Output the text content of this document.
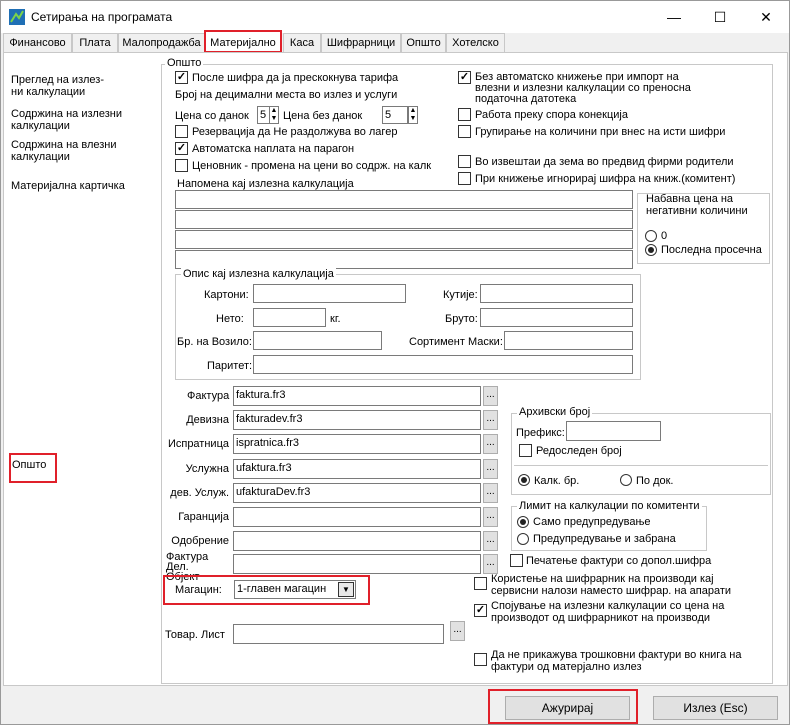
Сетирања на програмата	—	☐	✕
Финансово	Плата	Малопродажба Материјално	Каса	Шифрарници	Општо	Хотелско
Преглед на излез-
ни калкулации
Содржина на излезни калкулации
Содржина на влезни калкулации
Материјална картичка
Општо
Општо
✓
После шифра да ја прескокнува тарифа
Број на децимални места во излез и услуги
Цена со данок 5 ▲
▼ Цена без данок 5	▲
▼
Резервација да Не раздолжува во лагер
✓
Автоматска наплата на парагон
Ценовник - промена на цени во содрж. на калк
✓
Без автоматско книжење при импорт на влезни и излезни калкулации со преносна податочна датотека
Работа преку спора конекција
Групирање на количини при внес на исти шифри
Во извештаи да зема во предвид фирми родители
При книжење игнорирај шифра на книж.(комитент)
Напомена кај излезна калкулација
Набавна цена на негативни количини
0
Последна просечна
Опис кај излезна калкулација
Картони:	Кутије:
Нето:	кг.	Бруто:
Бр. на Возило:	Сортимент Маски:
Паритет:
Фактура faktura.fr3	...
Девизна fakturadev.fr3	...
Испратница ispratnica.fr3	...
Услужна ufaktura.fr3	...
дев. Услуж. ufakturaDev.fr3	...
Гаранција	...
Одобрение	...
Фактура Дел. Објект
...
Магацин: 1-главен магацин	▼
Товар. Лист	...
Архивски број
Префикс:
Редоследен број
Калк. бр.	По док.
Лимит на калкулации по комитенти
Само предупредување
Предупредување и забрана
Печатење фактури со допол.шифра
Користење на шифрарник на производи кај сервисни налози наместо шифрар. на апарати
✓
Спојување на излезни калкулации со цена на производот од шифрарникот на производи
Да не прикажува трошковни фактури во книга на фактури од матерјално излез
Ажурирај	Излез (Esc)
